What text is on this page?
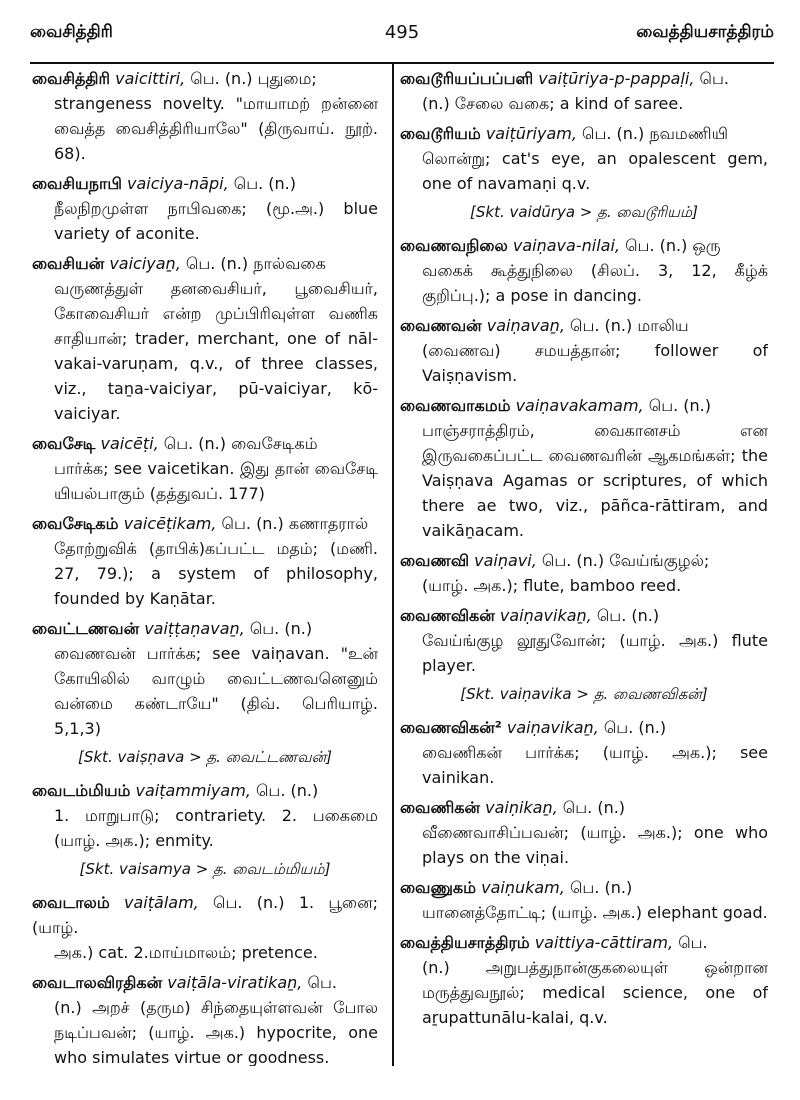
வைசித்திரி	495	வைத்தியசாத்திரம்
வைசித்திரி vaicittiri, பெ. (n.) புதுமை;
strangeness novelty. "மாயாமற் றன்னை வைத்த வைசித்திரியாலே" (திருவாய். நூற். 68).
வைசியநாபி vaiciya-nāpi, பெ. (n.)
நீலநிறமுள்ள நாபிவகை; (மூ.அ.) blue variety of aconite.
வைசியன் vaiciyaṉ, பெ. (n.) நால்வகை
வருணத்துள் தனவைசியர், பூவைசியர், கோவைசியர் என்ற முப்பிரிவுள்ள வணிக சாதியான்; trader, merchant, one of nāl-vakai-varuṇam, q.v., of three classes, viz., taṉa-vaiciyar, pū-vaiciyar, kō-vaiciyar.
வைசேடி vaicēṭi, பெ. (n.) வைசேடிகம்
பார்க்க; see vaicetikan. இது தான் வைசேடி யியல்பாகும் (தத்துவப். 177)
வைசேடிகம் vaicēṭikam, பெ. (n.) கணாதரால்
தோற்றுவிக் (தாபிக்)கப்பட்ட மதம்; (மணி. 27, 79.); a system of philosophy, founded by Kaṇātar.
வைட்டணவன் vaiṭṭaṇavaṉ, பெ. (n.)
வைணவன் பார்க்க; see vaiṇavan. "உன் கோயிலில் வாழும் வைட்டணவனெனும் வன்மை கண்டாயே" (திவ். பெரியாழ். 5,1,3)
[Skt. vaiṣṇava > த. வைட்டணவன்]
வைடம்மியம் vaiṭammiyam, பெ. (n.)
1. மாறுபாடு; contrariety. 2. பகைமை (யாழ். அக.); enmity.
[Skt. vaisamya > த. வைடம்மியம்]
வைடாலம் vaiṭālam, பெ. (n.) 1. பூனை; (யாழ்.
அக.) cat. 2.மாய்மாலம்; pretence.
வைடாலவிரதிகன் vaiṭāla-viratikaṉ, பெ.
(n.) அறச் (தரும) சிந்தையுள்ளவன் போல நடிப்பவன்; (யாழ். அக.) hypocrite, one who simulates virtue or goodness.
வைடூரியப்பப்பளி vaiṭūriya-p-pappaḷi, பெ.
(n.) சேலை வகை; a kind of saree.
வைடூரியம் vaiṭūriyam, பெ. (n.) நவமணியி
லொன்று; cat's eye, an opalescent gem, one of navamaṇi q.v.
[Skt. vaidūrya > த. வைடூரியம்]
வைணவநிலை vaiṇava-nilai, பெ. (n.) ஒரு
வகைக் கூத்துநிலை (சிலப். 3, 12, கீழ்க் குறிப்பு.); a pose in dancing.
வைணவன் vaiṇavaṉ, பெ. (n.) மாலிய
(வைணவ) சமயத்தான்; follower of Vaiṣṇavism.
வைணவாகமம் vaiṇavakamam, பெ. (n.)
பாஞ்சராத்திரம், வைகானசம் என இருவகைப்பட்ட வைணவரின் ஆகமங்கள்; the Vaiṣṇava Agamas or scriptures, of which there ae two, viz., pāñca-rāttiram, and vaikāṉacam.
வைணவி vaiṇavi, பெ. (n.) வேய்ங்குழல்;
(யாழ். அக.); flute, bamboo reed.
வைணவிகன் vaiṇavikaṉ, பெ. (n.)
வேய்ங்குழ லூதுவோன்; (யாழ். அக.) flute player.
[Skt. vaiṇavika > த. வைணவிகன்]
வைணவிகன்² vaiṇavikaṉ, பெ. (n.)
வைணிகன் பார்க்க; (யாழ். அக.); see vainikan.
வைணிகன் vaiṇikaṉ, பெ. (n.)
வீணைவாசிப்பவன்; (யாழ். அக.); one who plays on the viṇai.
வைணுகம் vaiṇukam, பெ. (n.)
யானைத்தோட்டி; (யாழ். அக.) elephant goad.
வைத்தியசாத்திரம் vaittiya-cāttiram, பெ.
(n.) அறுபத்துநான்குகலையுள் ஒன்றான மருத்துவநூல்; medical science, one of aṟupattunālu-kalai, q.v.
